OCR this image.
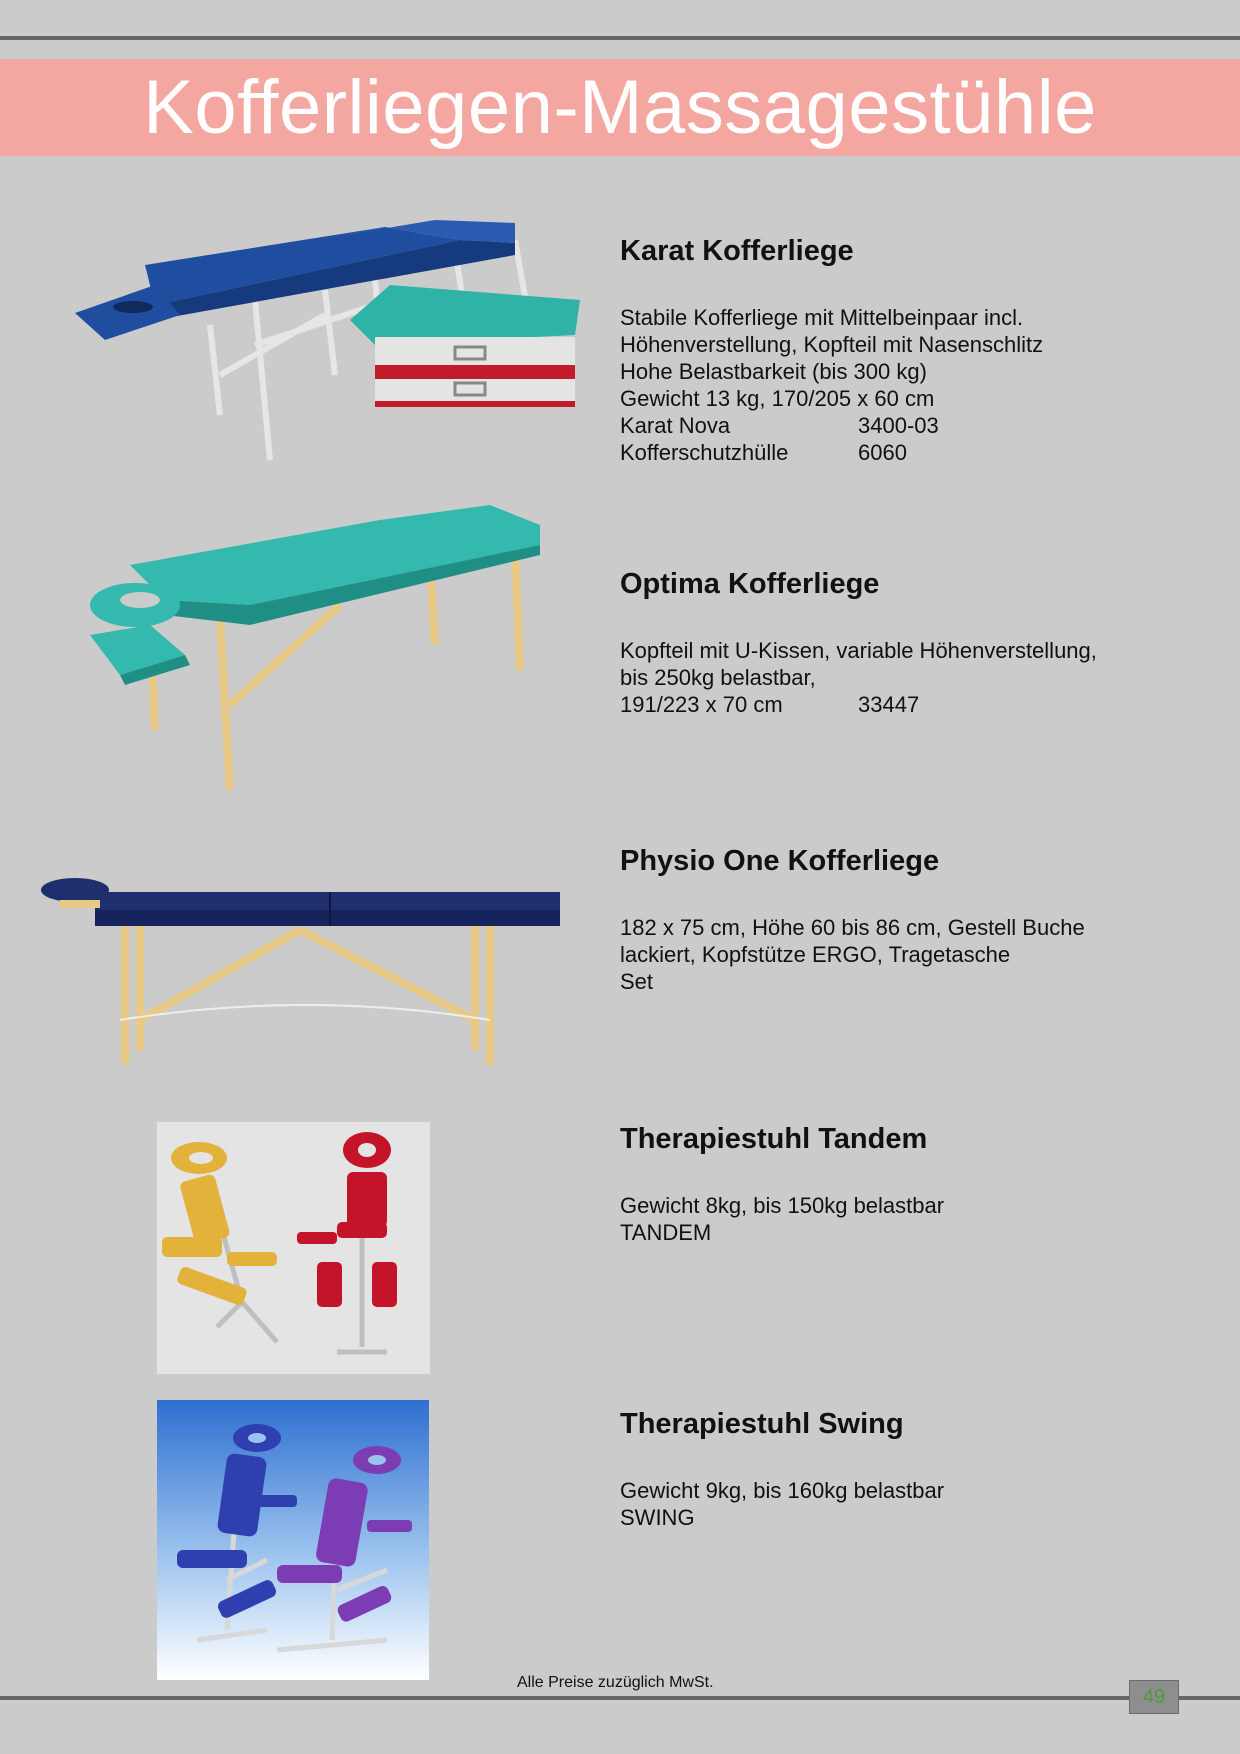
Kofferliegen-Massagestühle
Karat Kofferliege
Stabile Kofferliege mit Mittelbeinpaar incl.
Höhenverstellung, Kopfteil mit Nasenschlitz
Hohe Belastbarkeit (bis 300 kg)
Gewicht 13 kg, 170/205 x 60 cm
Karat Nova	3400-03
Kofferschutzhülle	6060
Optima Kofferliege
Kopfteil mit U-Kissen, variable Höhenverstellung,
bis 250kg belastbar,
191/223 x 70 cm	33447
Physio One Kofferliege
182 x 75 cm, Höhe 60 bis 86 cm, Gestell Buche
lackiert, Kopfstütze ERGO, Tragetasche
Set
Therapiestuhl Tandem
Gewicht 8kg, bis 150kg belastbar
TANDEM
Therapiestuhl Swing
Gewicht 9kg, bis 160kg belastbar
SWING
Alle Preise zuzüglich MwSt.
49
